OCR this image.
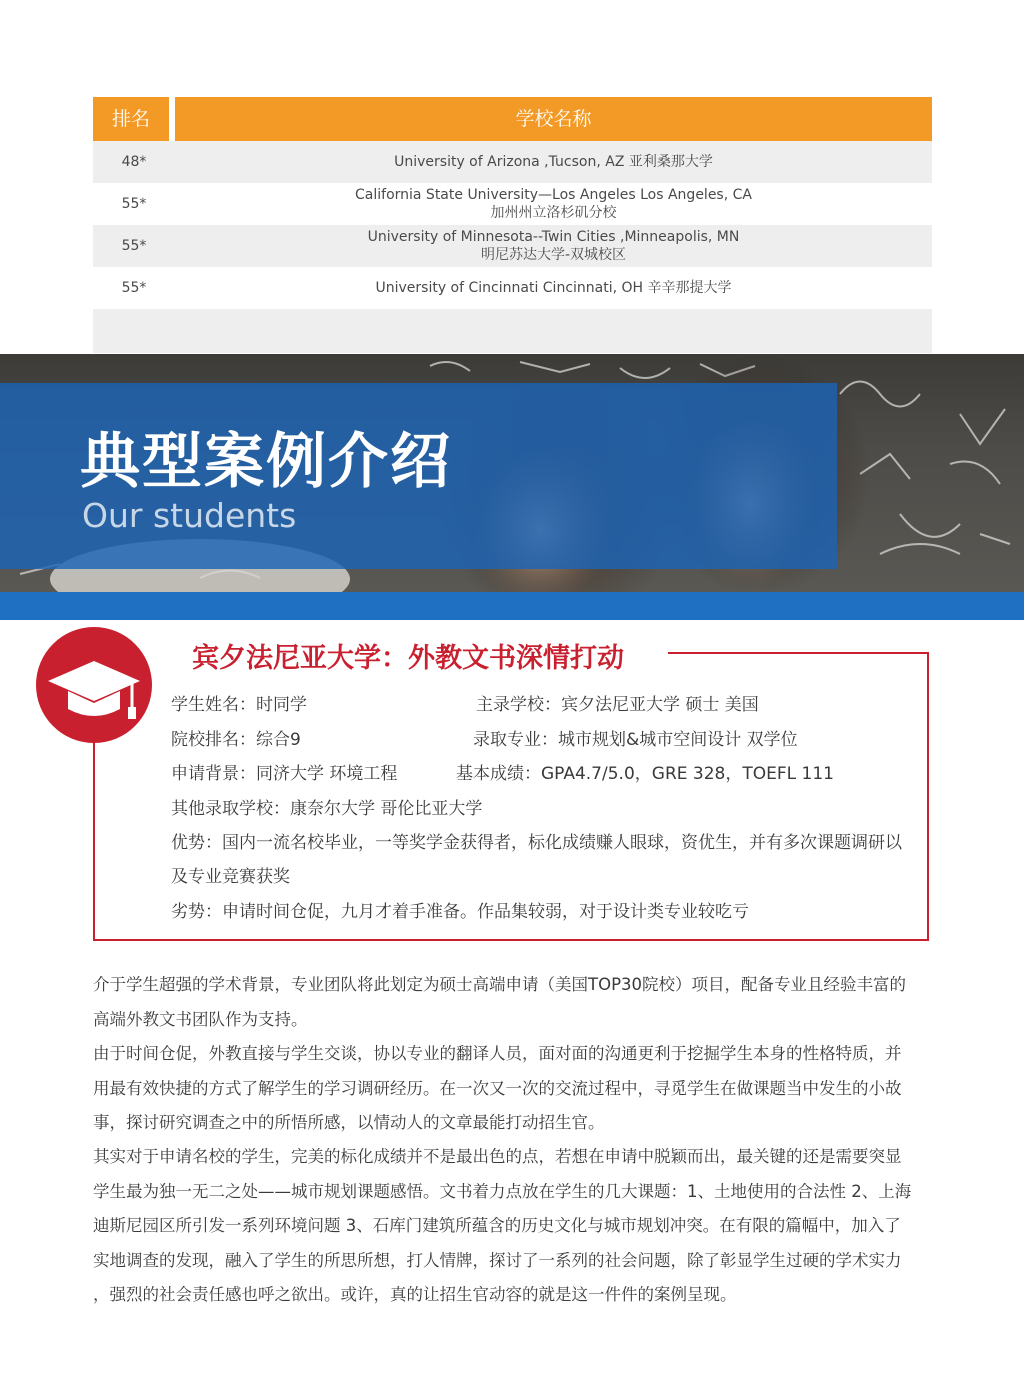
排名	学校名称
48*	University of Arizona ,Tucson, AZ 亚利桑那大学
55*
California State University—Los Angeles Los Angeles, CA
加州州立洛杉矶分校
55*
University of Minnesota--Twin Cities ,Minneapolis, MN
明尼苏达大学-双城校区
55*	University of Cincinnati Cincinnati, OH 辛辛那提大学
典型案例介绍
Our students
宾夕法尼亚大学：外教文书深情打动
学生姓名：时同学	主录学校：宾夕法尼亚大学 硕士 美国
院校排名：综合9	录取专业：城市规划&城市空间设计 双学位
申请背景：同济大学 环境工程	基本成绩：GPA4.7/5.0，GRE 328，TOEFL 111
其他录取学校：康奈尔大学 哥伦比亚大学
优势：国内一流名校毕业，一等奖学金获得者，标化成绩赚人眼球，资优生，并有多次课题调研以
及专业竞赛获奖
劣势：申请时间仓促，九月才着手准备。作品集较弱，对于设计类专业较吃亏
介于学生超强的学术背景，专业团队将此划定为硕士高端申请（美国TOP30院校）项目，配备专业且经验丰富的
高端外教文书团队作为支持。
由于时间仓促，外教直接与学生交谈，协以专业的翻译人员，面对面的沟通更利于挖掘学生本身的性格特质，并
用最有效快捷的方式了解学生的学习调研经历。在一次又一次的交流过程中，寻觅学生在做课题当中发生的小故
事，探讨研究调查之中的所悟所感，以情动人的文章最能打动招生官。
其实对于申请名校的学生，完美的标化成绩并不是最出色的点，若想在申请中脱颖而出，最关键的还是需要突显
学生最为独一无二之处——城市规划课题感悟。文书着力点放在学生的几大课题：1、土地使用的合法性 2、上海
迪斯尼园区所引发一系列环境问题 3、石库门建筑所蕴含的历史文化与城市规划冲突。在有限的篇幅中，加入了
实地调查的发现，融入了学生的所思所想，打人情牌，探讨了一系列的社会问题，除了彰显学生过硬的学术实力
，强烈的社会责任感也呼之欲出。或许，真的让招生官动容的就是这一件件的案例呈现。
